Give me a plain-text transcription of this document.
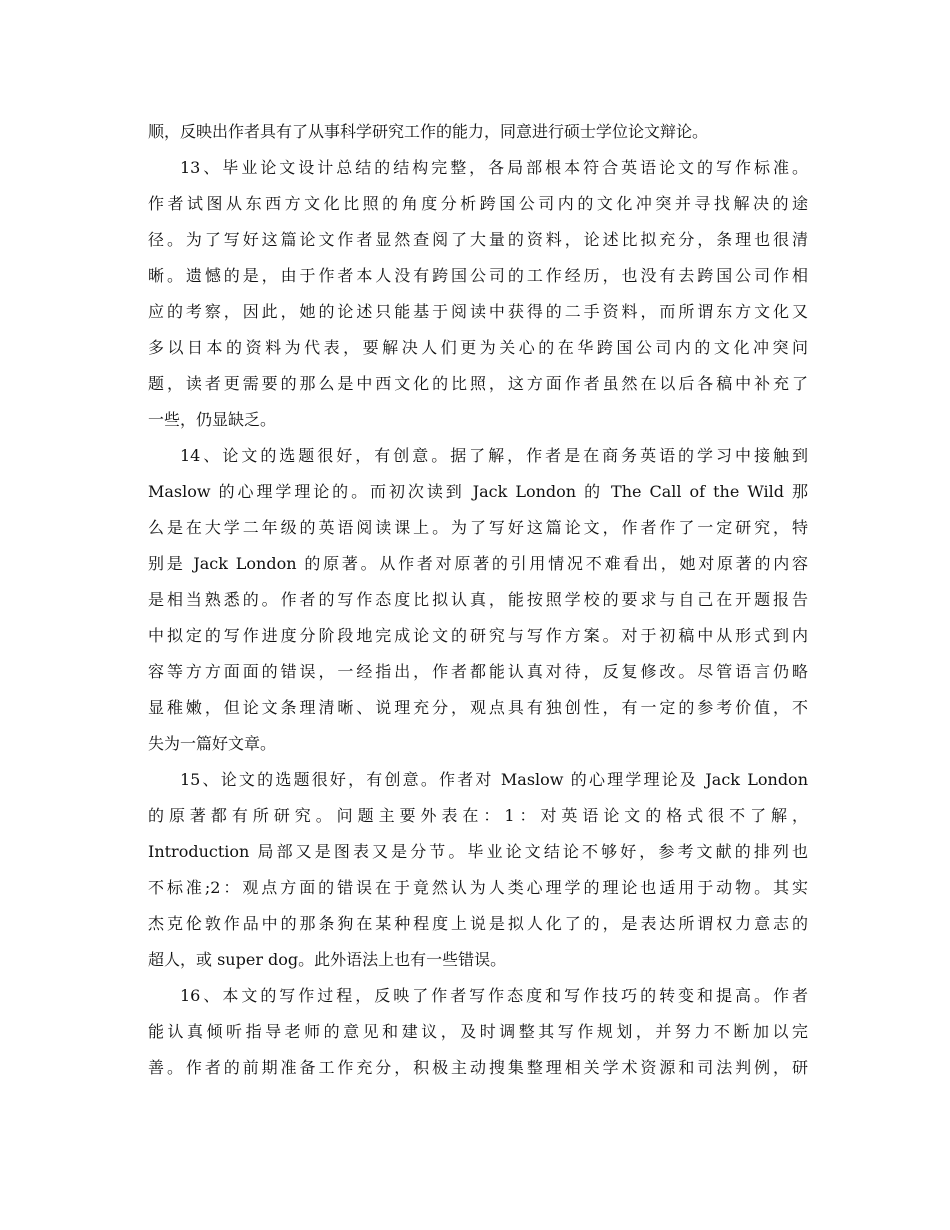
顺，反映出作者具有了从事科学研究工作的能力，同意进行硕士学位论文辩论。
13、毕业论文设计总结的结构完整，各局部根本符合英语论文的写作标准。
作者试图从东西方文化比照的角度分析跨国公司内的文化冲突并寻找解决的途
径。为了写好这篇论文作者显然查阅了大量的资料，论述比拟充分，条理也很清
晰。遗憾的是，由于作者本人没有跨国公司的工作经历，也没有去跨国公司作相
应的考察，因此，她的论述只能基于阅读中获得的二手资料，而所谓东方文化又
多以日本的资料为代表，要解决人们更为关心的在华跨国公司内的文化冲突问
题，读者更需要的那么是中西文化的比照，这方面作者虽然在以后各稿中补充了
一些，仍显缺乏。
14、论文的选题很好，有创意。据了解，作者是在商务英语的学习中接触到
Maslow 的心理学理论的。而初次读到 Jack London 的 The Call of the Wild 那
么是在大学二年级的英语阅读课上。为了写好这篇论文，作者作了一定研究，特
别是 Jack London 的原著。从作者对原著的引用情况不难看出，她对原著的内容
是相当熟悉的。作者的写作态度比拟认真，能按照学校的要求与自己在开题报告
中拟定的写作进度分阶段地完成论文的研究与写作方案。对于初稿中从形式到内
容等方方面面的错误，一经指出，作者都能认真对待，反复修改。尽管语言仍略
显稚嫩，但论文条理清晰、说理充分，观点具有独创性，有一定的参考价值，不
失为一篇好文章。
15、论文的选题很好，有创意。作者对 Maslow 的心理学理论及 Jack London
的原著都有所研究。问题主要外表在：1：对英语论文的格式很不了解，
Introduction 局部又是图表又是分节。毕业论文结论不够好，参考文献的排列也
不标准;2：观点方面的错误在于竟然认为人类心理学的理论也适用于动物。其实
杰克伦敦作品中的那条狗在某种程度上说是拟人化了的，是表达所谓权力意志的
超人，或 super dog。此外语法上也有一些错误。
16、本文的写作过程，反映了作者写作态度和写作技巧的转变和提高。作者
能认真倾听指导老师的意见和建议，及时调整其写作规划，并努力不断加以完
善。作者的前期准备工作充分，积极主动搜集整理相关学术资源和司法判例，研
